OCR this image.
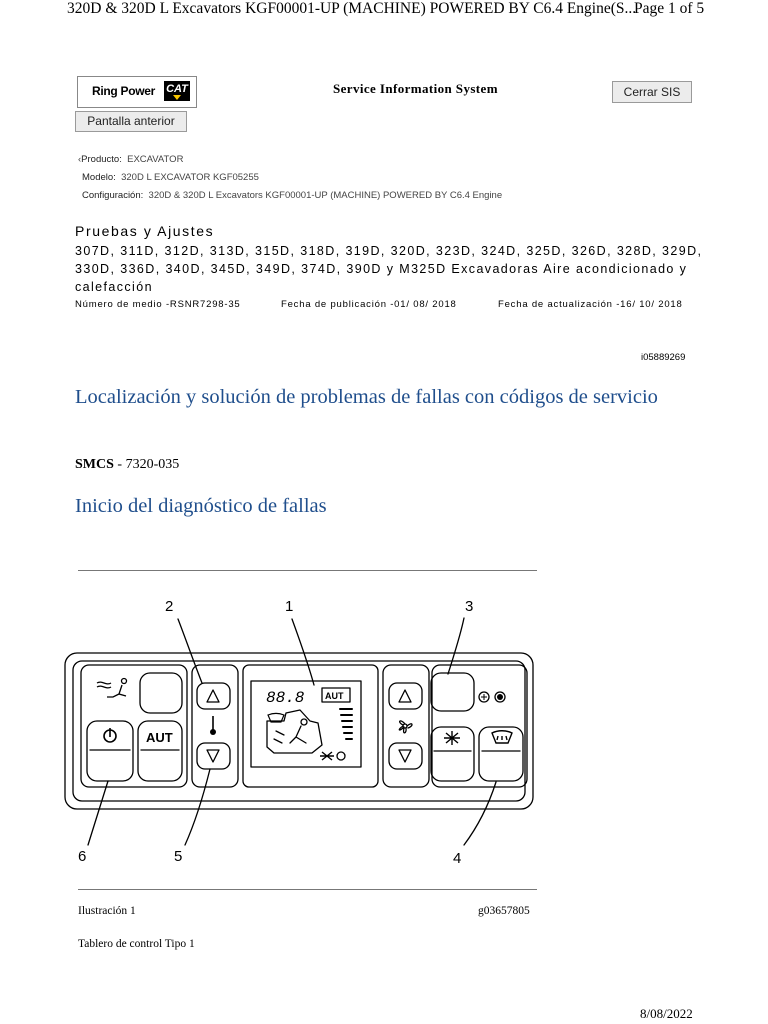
320D & 320D L Excavators KGF00001-UP (MACHINE) POWERED BY C6.4 Engine(S...
Page 1 of 5
Ring Power CAT	Service Information System	Cerrar SIS
Pantalla anterior
‹Producto: EXCAVATOR
Modelo: 320D L EXCAVATOR KGF05255
Configuración: 320D & 320D L Excavators KGF00001-UP (MACHINE) POWERED BY C6.4 Engine
Pruebas y Ajustes
307D, 311D, 312D, 313D, 315D, 318D, 319D, 320D, 323D, 324D, 325D, 326D, 328D, 329D, 330D, 336D, 340D, 345D, 349D, 374D, 390D y M325D Excavadoras Aire acondicionado y calefacción
Número de medio -RSNR7298-35	Fecha de publicación -01/ 08/ 2018	Fecha de actualización -16/ 10/ 2018
i05889269
Localización y solución de problemas de fallas con códigos de servicio
SMCS - 7320-035
Inicio del diagnóstico de fallas
88.8 AUT
AUT
1
2	3
4
5
6
Ilustración 1	g03657805
Tablero de control Tipo 1
8/08/2022
